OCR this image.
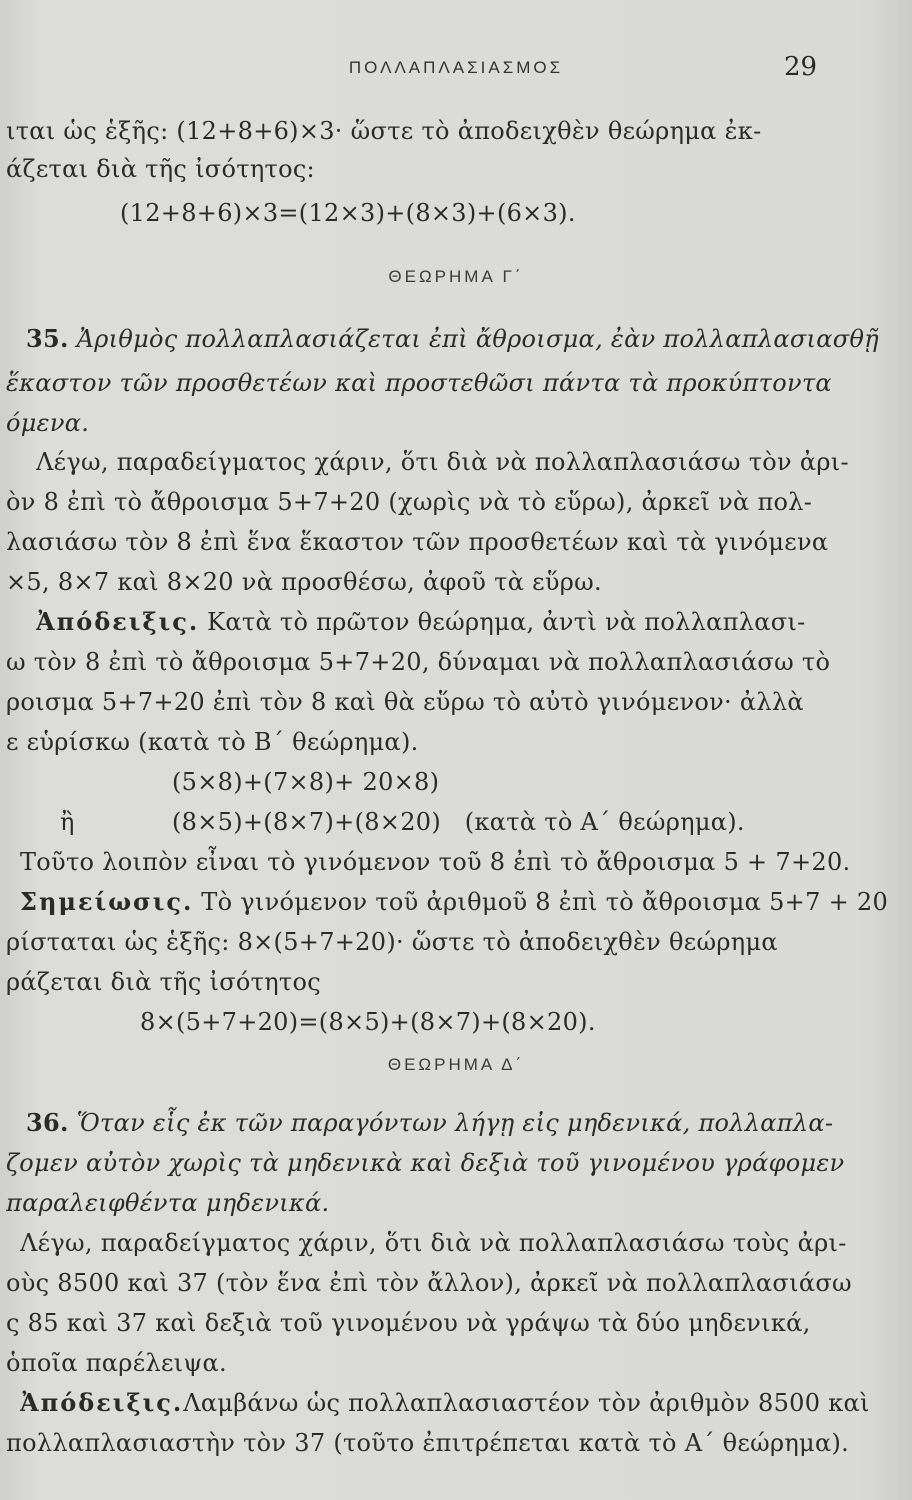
ΠΟΛΛΑΠΛΑΣΙΑΣΜΟΣ	29
ιται ὡς ἑξῆς: (12+8+6)×3· ὥστε τὸ ἀποδειχθὲν θεώρημα ἐκ-
άζεται διὰ τῆς ἰσότητος:
(12+8+6)×3=(12×3)+(8×3)+(6×3).
ΘΕΩΡΗΜΑ Γ΄
35. Ἀριθμὸς πολλαπλασιάζεται ἐπὶ ἄθροισμα, ἐὰν πολλαπλασιασθῇ
ἕκαστον τῶν προσθετέων καὶ προστεθῶσι πάντα τὰ προκύπτοντα
όμενα.
Λέγω, παραδείγματος χάριν, ὅτι διὰ νὰ πολλαπλασιάσω τὸν ἀρι-
ὸν 8 ἐπὶ τὸ ἄθροισμα 5+7+20 (χωρὶς νὰ τὸ εὕρω), ἀρκεῖ νὰ πολ-
λασιάσω τὸν 8 ἐπὶ ἕνα ἕκαστον τῶν προσθετέων καὶ τὰ γινόμενα
×5, 8×7 καὶ 8×20 νὰ προσθέσω, ἀφοῦ τὰ εὕρω.
Ἀπόδειξις. Κατὰ τὸ πρῶτον θεώρημα, ἀντὶ νὰ πολλαπλασι-
ω τὸν 8 ἐπὶ τὸ ἄθροισμα 5+7+20, δύναμαι νὰ πολλαπλασιάσω τὸ
ροισμα 5+7+20 ἐπὶ τὸν 8 καὶ θὰ εὕρω τὸ αὐτὸ γινόμενον· ἀλλὰ
ε εὑρίσκω (κατὰ τὸ Β΄ θεώρημα).
(5×8)+(7×8)+ 20×8)
ἢ	(8×5)+(8×7)+(8×20)   (κατὰ τὸ Α΄ θεώρημα).
Τοῦτο λοιπὸν εἶναι τὸ γινόμενον τοῦ 8 ἐπὶ τὸ ἄθροισμα 5 + 7+20.
Σημείωσις. Τὸ γινόμενον τοῦ ἀριθμοῦ 8 ἐπὶ τὸ ἄθροισμα 5+7 + 20
ρίσταται ὡς ἑξῆς: 8×(5+7+20)· ὥστε τὸ ἀποδειχθὲν θεώρημα
ράζεται διὰ τῆς ἰσότητος
8×(5+7+20)=(8×5)+(8×7)+(8×20).
ΘΕΩΡΗΜΑ Δ΄
36. Ὅταν εἷς ἐκ τῶν παραγόντων λήγῃ εἰς μηδενικά, πολλαπλα-
ζομεν αὐτὸν χωρὶς τὰ μηδενικὰ καὶ δεξιὰ τοῦ γινομένου γράφομεν
παραλειφθέντα μηδενικά.
Λέγω, παραδείγματος χάριν, ὅτι διὰ νὰ πολλαπλασιάσω τοὺς ἀρι-
οὺς 8500 καὶ 37 (τὸν ἕνα ἐπὶ τὸν ἄλλον), ἀρκεῖ νὰ πολλαπλασιάσω
ς 85 καὶ 37 καὶ δεξιὰ τοῦ γινομένου νὰ γράψω τὰ δύο μηδενικά,
ὁποῖα παρέλειψα.
Ἀπόδειξις.Λαμβάνω ὡς πολλαπλασιαστέον τὸν ἀριθμὸν 8500 καὶ
πολλαπλασιαστὴν τὸν 37 (τοῦτο ἐπιτρέπεται κατὰ τὸ Α΄ θεώρημα).
